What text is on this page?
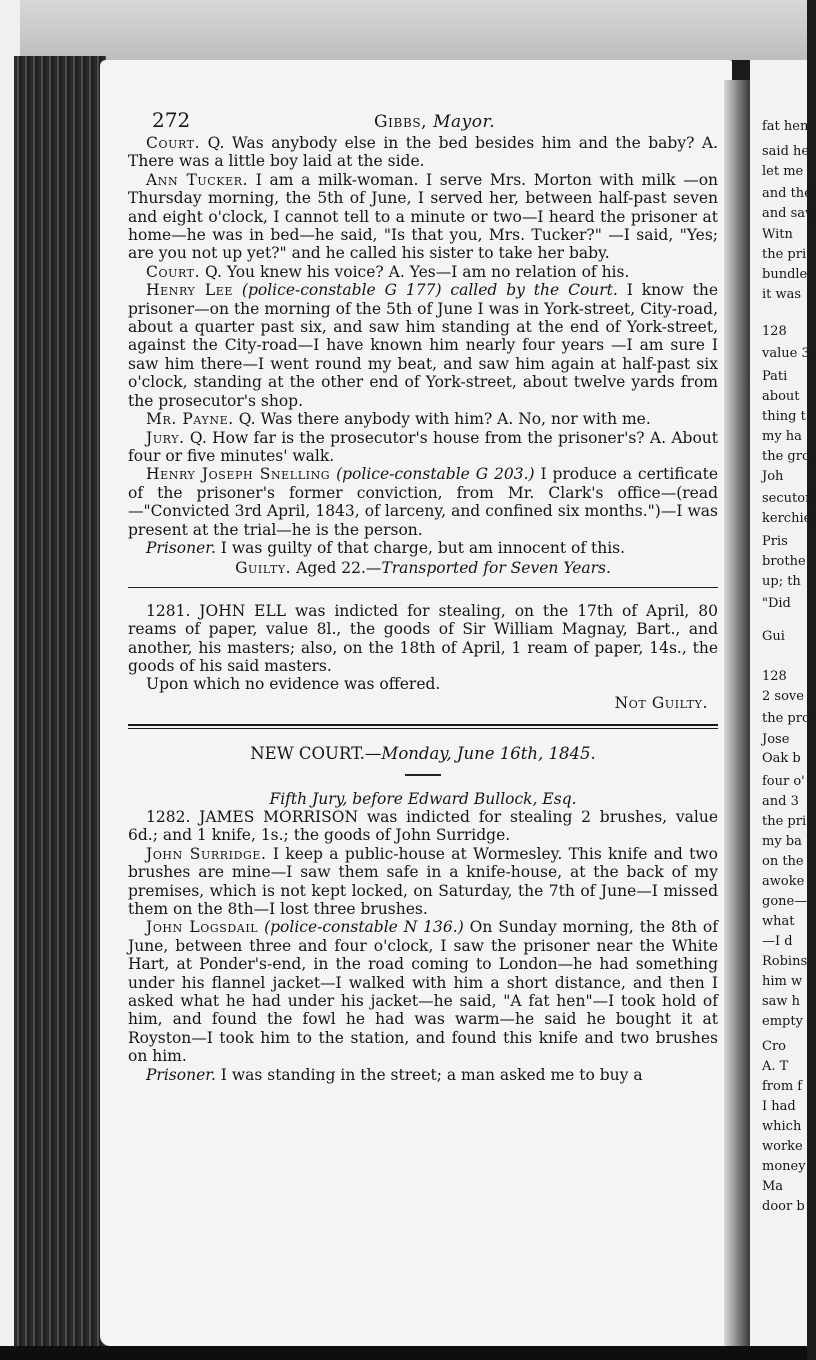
fat hen
said he
let me
and the
and saw
Witn
the pri
bundle
it was
128
value 3
Pati
about
thing t
my ha
the gro
Joh
secutor
kerchie
Pris
brothe
up; th
"Did
Gui
128
2 sove
the pro
Jose
Oak b
four o'
and 3
the pri
my ba
on the
awoke
gone—
what
—I d
Robins
him w
saw h
empty
Cro
A. T
from f
I had
which
worke
money
Ma
door b
272	Gibbs, Mayor.

Court. Q. Was anybody else in the bed besides him and the baby? A. There was a little boy laid at the side.

Ann Tucker. I am a milk-woman. I serve Mrs. Morton with milk —on Thursday morning, the 5th of June, I served her, between half-past seven and eight o'clock, I cannot tell to a minute or two—I heard the prisoner at home—he was in bed—he said, "Is that you, Mrs. Tucker?" —I said, "Yes; are you not up yet?" and he called his sister to take her baby.

Court. Q. You knew his voice? A. Yes—I am no relation of his.

Henry Lee (police-constable G 177) called by the Court. I know the prisoner—on the morning of the 5th of June I was in York-street, City-road, about a quarter past six, and saw him standing at the end of York-street, against the City-road—I have known him nearly four years —I am sure I saw him there—I went round my beat, and saw him again at half-past six o'clock, standing at the other end of York-street, about twelve yards from the prosecutor's shop.

Mr. Payne. Q. Was there anybody with him? A. No, nor with me.

Jury. Q. How far is the prosecutor's house from the prisoner's? A. About four or five minutes' walk.

Henry Joseph Snelling (police-constable G 203.) I produce a certificate of the prisoner's former conviction, from Mr. Clark's office—(read —"Convicted 3rd April, 1843, of larceny, and confined six months.")—I was present at the trial—he is the person.

Prisoner. I was guilty of that charge, but am innocent of this.

Guilty. Aged 22.—Transported for Seven Years.

1281. JOHN ELL was indicted for stealing, on the 17th of April, 80 reams of paper, value 8l., the goods of Sir William Magnay, Bart., and another, his masters; also, on the 18th of April, 1 ream of paper, 14s., the goods of his said masters.

Upon which no evidence was offered.

Not Guilty.

NEW COURT.—Monday, June 16th, 1845.

Fifth Jury, before Edward Bullock, Esq.

1282. JAMES MORRISON was indicted for stealing 2 brushes, value 6d.; and 1 knife, 1s.; the goods of John Surridge.

John Surridge. I keep a public-house at Wormesley. This knife and two brushes are mine—I saw them safe in a knife-house, at the back of my premises, which is not kept locked, on Saturday, the 7th of June—I missed them on the 8th—I lost three brushes.

John Logsdail (police-constable N 136.) On Sunday morning, the 8th of June, between three and four o'clock, I saw the prisoner near the White Hart, at Ponder's-end, in the road coming to London—he had something under his flannel jacket—I walked with him a short distance, and then I asked what he had under his jacket—he said, "A fat hen"—I took hold of him, and found the fowl he had was warm—he said he bought it at Royston—I took him to the station, and found this knife and two brushes on him.

Prisoner. I was standing in the street; a man asked me to buy a
